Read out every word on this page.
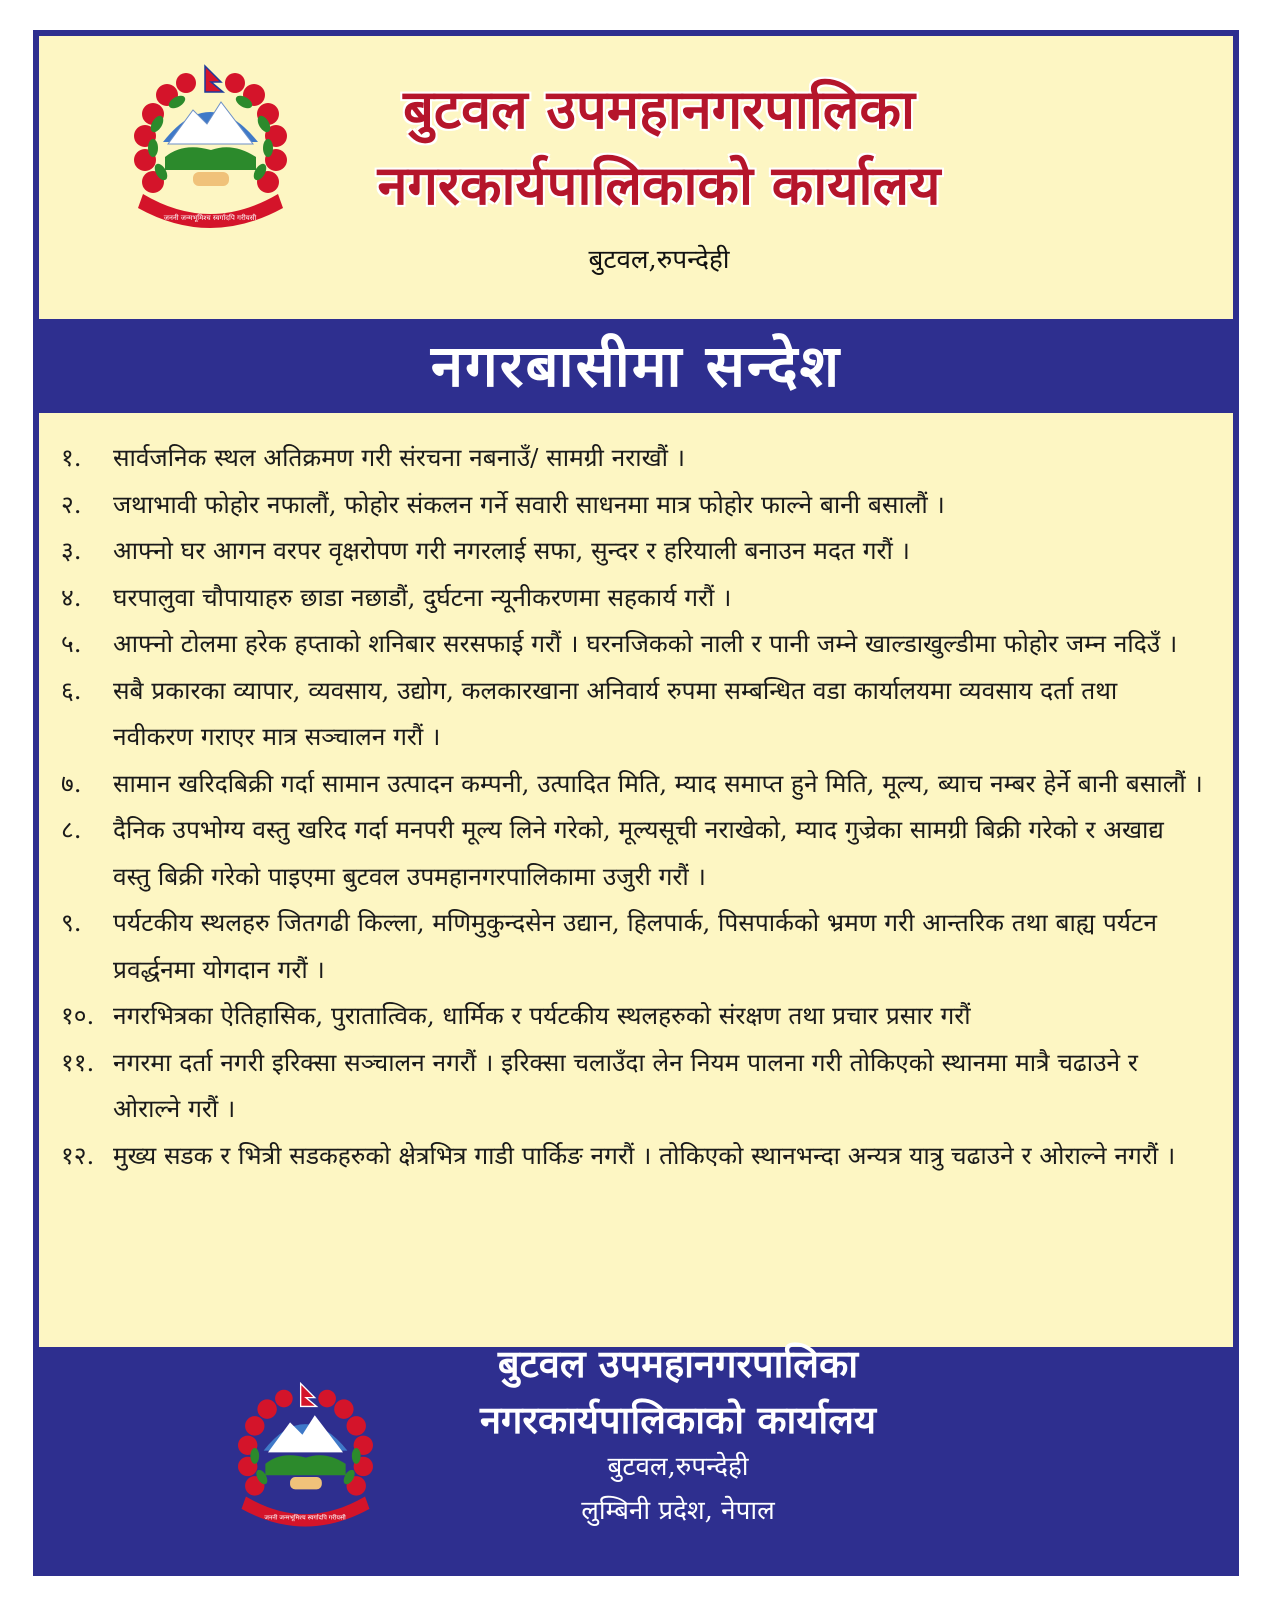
जननी जन्मभूमिश्च स्वर्गादपि गरीयसी
बुटवल उपमहानगरपालिका
नगरकार्यपालिकाको कार्यालय
बुटवल,रुपन्देही
नगरबासीमा सन्देश
१.	सार्वजनिक स्थल अतिक्रमण गरी संरचना नबनाउँ/ सामग्री नराखौं ।
२.	जथाभावी फोहोर नफालौं, फोहोर संकलन गर्ने सवारी साधनमा मात्र फोहोर फाल्ने बानी बसालौं ।
३.	आफ्नो घर आगन वरपर वृक्षरोपण गरी नगरलाई सफा, सुन्दर र हरियाली बनाउन मदत गरौं ।
४.	घरपालुवा चौपायाहरु छाडा नछाडौं, दुर्घटना न्यूनीकरणमा सहकार्य गरौं ।
५.	आफ्नो टोलमा हरेक हप्ताको शनिबार सरसफाई गरौं । घरनजिकको नाली र पानी जम्ने खाल्डाखुल्डीमा फोहोर जम्न नदिउँ ।
६.	सबै प्रकारका व्यापार, व्यवसाय, उद्योग, कलकारखाना अनिवार्य रुपमा सम्बन्धित वडा कार्यालयमा व्यवसाय दर्ता तथा नवीकरण गराएर मात्र सञ्चालन गरौं ।
७.	सामान खरिदबिक्री गर्दा सामान उत्पादन कम्पनी, उत्पादित मिति, म्याद समाप्त हुने मिति, मूल्य, ब्याच नम्बर हेर्ने बानी बसालौं ।
८.	दैनिक उपभोग्य वस्तु खरिद गर्दा मनपरी मूल्य लिने गरेको, मूल्यसूची नराखेको, म्याद गुज्रेका सामग्री बिक्री गरेको र अखाद्य वस्तु बिक्री गरेको पाइएमा बुटवल उपमहानगरपालिकामा उजुरी गरौं ।
९.	पर्यटकीय स्थलहरु जितगढी किल्ला, मणिमुकुन्दसेन उद्यान, हिलपार्क, पिसपार्कको भ्रमण गरी आन्तरिक तथा बाह्य पर्यटन प्रवर्द्धनमा योगदान गरौं ।
१०. नगरभित्रका ऐतिहासिक, पुरातात्विक, धार्मिक र पर्यटकीय स्थलहरुको संरक्षण तथा प्रचार प्रसार गरौं
११. नगरमा दर्ता नगरी इरिक्सा सञ्चालन नगरौं । इरिक्सा चलाउँदा लेन नियम पालना गरी तोकिएको स्थानमा मात्रै चढाउने र ओराल्ने गरौं ।
१२. मुख्य सडक र भित्री सडकहरुको क्षेत्रभित्र गाडी पार्किङ नगरौं । तोकिएको स्थानभन्दा अन्यत्र यात्रु चढाउने र ओराल्ने नगरौं ।
जननी जन्मभूमिश्च स्वर्गादपि गरीयसी
बुटवल उपमहानगरपालिका
नगरकार्यपालिकाको कार्यालय
बुटवल,रुपन्देही
लुम्बिनी प्रदेश, नेपाल
